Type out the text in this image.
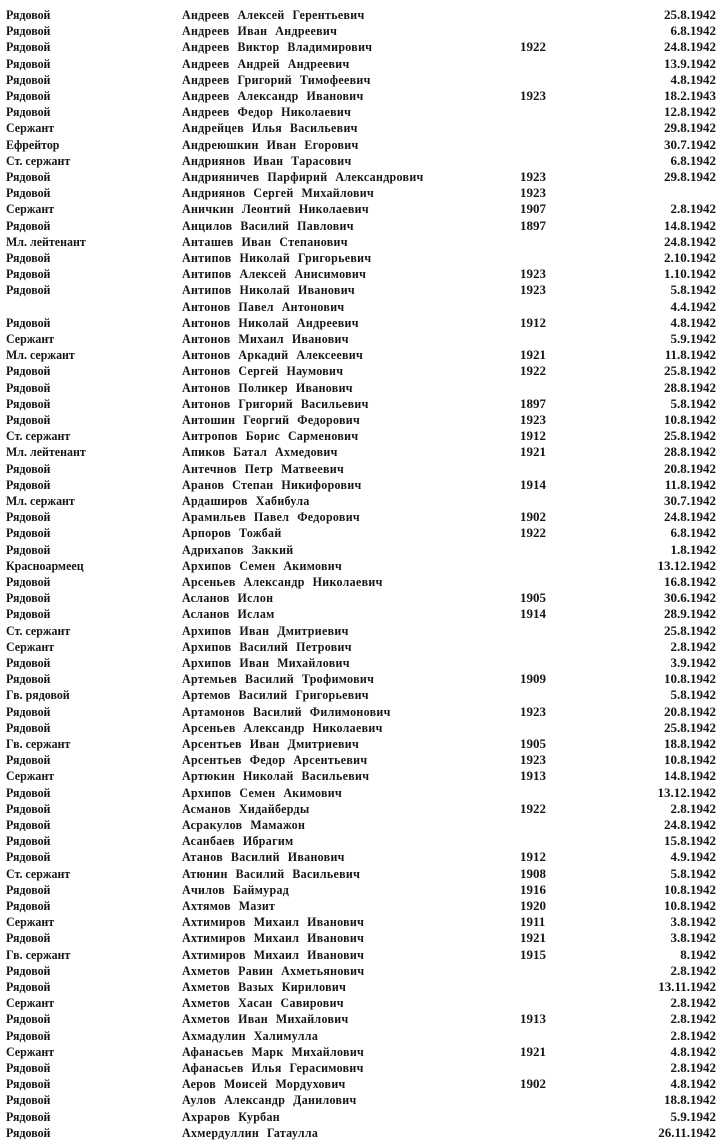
Рядовой	Андреев Алексей Герентьевич	25.8.1942
Рядовой	Андреев Иван Андреевич	6.8.1942
Рядовой	Андреев Виктор Владимирович	1922	24.8.1942
Рядовой	Андреев Андрей Андреевич	13.9.1942
Рядовой	Андреев Григорий Тимофеевич	4.8.1942
Рядовой	Андреев Александр Иванович	1923	18.2.1943
Рядовой	Андреев Федор Николаевич	12.8.1942
Сержант	Андрейцев Илья Васильевич	29.8.1942
Ефрейтор	Андреюшкин Иван Егорович	30.7.1942
Ст. сержант	Андриянов Иван Тарасович	6.8.1942
Рядовой	Андрияничев Парфирий Александрович	1923	29.8.1942
Рядовой	Андриянов Сергей Михайлович	1923
Сержант	Аничкин Леонтий Николаевич	1907	2.8.1942
Рядовой	Анцилов Василий Павлович	1897	14.8.1942
Мл. лейтенант	Анташев Иван Степанович	24.8.1942
Рядовой	Антипов Николай Григорьевич	2.10.1942
Рядовой	Антипов Алексей Анисимович	1923	1.10.1942
Рядовой	Антипов Николай Иванович	1923	5.8.1942
Антонов Павел Антонович	4.4.1942
Рядовой	Антонов Николай Андреевич	1912	4.8.1942
Сержант	Антонов Михаил Иванович	5.9.1942
Мл. сержант	Антонов Аркадий Алексеевич	1921	11.8.1942
Рядовой	Антонов Сергей Наумович	1922	25.8.1942
Рядовой	Антонов Поликер Иванович	28.8.1942
Рядовой	Антонов Григорий Васильевич	1897	5.8.1942
Рядовой	Антошин Георгий Федорович	1923	10.8.1942
Ст. сержант	Антропов Борис Сарменович	1912	25.8.1942
Мл. лейтенант	Апиков Батал Ахмедович	1921	28.8.1942
Рядовой	Антечнов Петр Матвеевич	20.8.1942
Рядовой	Аранов Степан Никифорович	1914	11.8.1942
Мл. сержант	Ардаширов Хабибула	30.7.1942
Рядовой	Арамильев Павел Федорович	1902	24.8.1942
Рядовой	Арпоров Тожбай	1922	6.8.1942
Рядовой	Адрихапов Заккий	1.8.1942
Красноармеец	Архипов Семен Акимович	13.12.1942
Рядовой	Арсеньев Александр Николаевич	16.8.1942
Рядовой	Асланов Ислон	1905	30.6.1942
Рядовой	Асланов Ислам	1914	28.9.1942
Ст. сержант	Архипов Иван Дмитриевич	25.8.1942
Сержант	Архипов Василий Петрович	2.8.1942
Рядовой	Архипов Иван Михайлович	3.9.1942
Рядовой	Артемьев Василий Трофимович	1909	10.8.1942
Гв. рядовой	Артемов Василий Григорьевич	5.8.1942
Рядовой	Артамонов Василий Филимонович	1923	20.8.1942
Рядовой	Арсеньев Александр Николаевич	25.8.1942
Гв. сержант	Арсентьев Иван Дмитриевич	1905	18.8.1942
Рядовой	Арсентьев Федор Арсентьевич	1923	10.8.1942
Сержант	Артюкин Николай Васильевич	1913	14.8.1942
Рядовой	Архипов Семен Акимович	13.12.1942
Рядовой	Асманов Хидайберды	1922	2.8.1942
Рядовой	Асракулов Мамажон	24.8.1942
Рядовой	Асанбаев Ибрагим	15.8.1942
Рядовой	Атанов Василий Иванович	1912	4.9.1942
Ст. сержант	Атюнин Василий Васильевич	1908	5.8.1942
Рядовой	Ачилов Баймурад	1916	10.8.1942
Рядовой	Ахтямов Мазит	1920	10.8.1942
Сержант	Ахтимиров Михаил Иванович	1911	3.8.1942
Рядовой	Ахтимиров Михаил Иванович	1921	3.8.1942
Гв. сержант	Ахтимиров Михаил Иванович	1915	8.1942
Рядовой	Ахметов Равин Ахметьянович	2.8.1942
Рядовой	Ахметов Вазых Кирилович	13.11.1942
Сержант	Ахметов Хасан Савирович	2.8.1942
Рядовой	Ахметов Иван Михайлович	1913	2.8.1942
Рядовой	Ахмадулин Халимулла	2.8.1942
Сержант	Афанасьев Марк Михайлович	1921	4.8.1942
Рядовой	Афанасьев Илья Герасимович	2.8.1942
Рядовой	Аеров Моисей Мордухович	1902	4.8.1942
Рядовой	Аулов Александр Данилович	18.8.1942
Рядовой	Ахраров Курбан	5.9.1942
Рядовой	Ахмердуллин Гатаулла	26.11.1942
